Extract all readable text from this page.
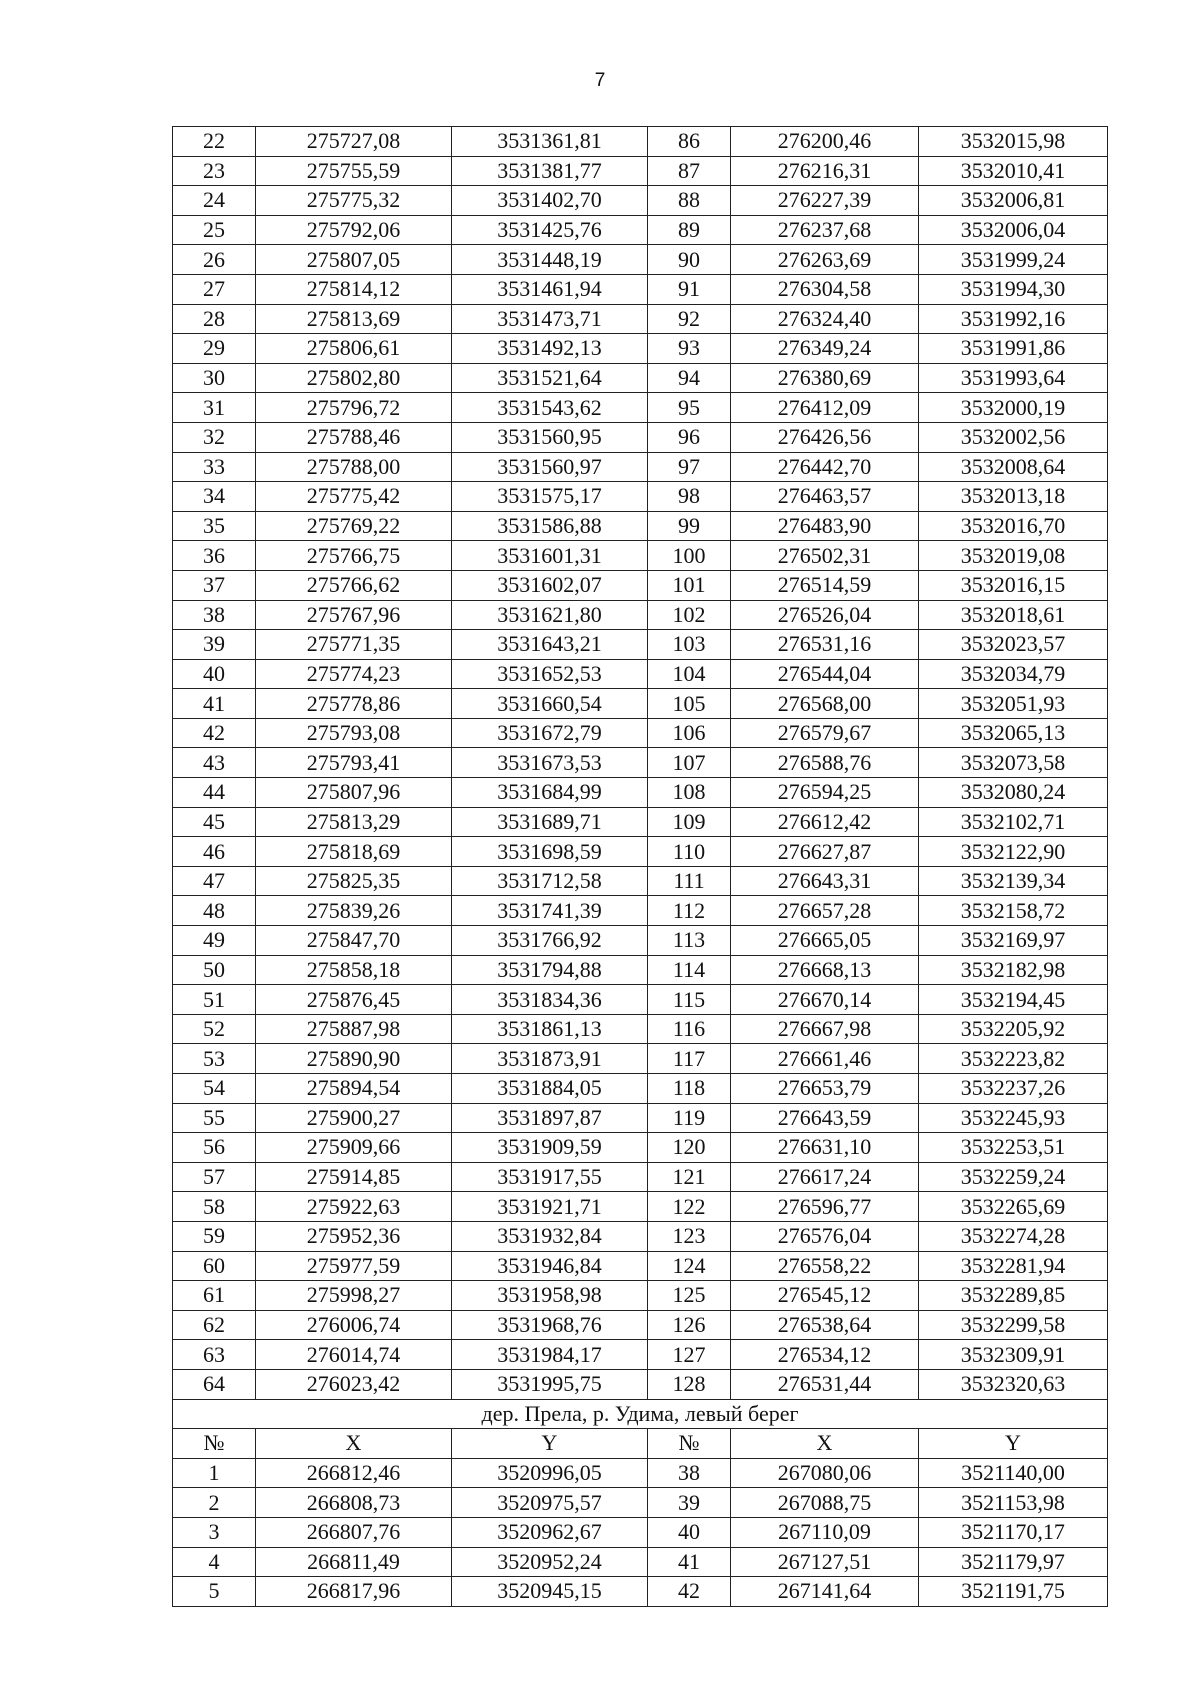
7
22	275727,08	3531361,81	86	276200,46	3532015,98
23	275755,59	3531381,77	87	276216,31	3532010,41
24	275775,32	3531402,70	88	276227,39	3532006,81
25	275792,06	3531425,76	89	276237,68	3532006,04
26	275807,05	3531448,19	90	276263,69	3531999,24
27	275814,12	3531461,94	91	276304,58	3531994,30
28	275813,69	3531473,71	92	276324,40	3531992,16
29	275806,61	3531492,13	93	276349,24	3531991,86
30	275802,80	3531521,64	94	276380,69	3531993,64
31	275796,72	3531543,62	95	276412,09	3532000,19
32	275788,46	3531560,95	96	276426,56	3532002,56
33	275788,00	3531560,97	97	276442,70	3532008,64
34	275775,42	3531575,17	98	276463,57	3532013,18
35	275769,22	3531586,88	99	276483,90	3532016,70
36	275766,75	3531601,31	100	276502,31	3532019,08
37	275766,62	3531602,07	101	276514,59	3532016,15
38	275767,96	3531621,80	102	276526,04	3532018,61
39	275771,35	3531643,21	103	276531,16	3532023,57
40	275774,23	3531652,53	104	276544,04	3532034,79
41	275778,86	3531660,54	105	276568,00	3532051,93
42	275793,08	3531672,79	106	276579,67	3532065,13
43	275793,41	3531673,53	107	276588,76	3532073,58
44	275807,96	3531684,99	108	276594,25	3532080,24
45	275813,29	3531689,71	109	276612,42	3532102,71
46	275818,69	3531698,59	110	276627,87	3532122,90
47	275825,35	3531712,58	111	276643,31	3532139,34
48	275839,26	3531741,39	112	276657,28	3532158,72
49	275847,70	3531766,92	113	276665,05	3532169,97
50	275858,18	3531794,88	114	276668,13	3532182,98
51	275876,45	3531834,36	115	276670,14	3532194,45
52	275887,98	3531861,13	116	276667,98	3532205,92
53	275890,90	3531873,91	117	276661,46	3532223,82
54	275894,54	3531884,05	118	276653,79	3532237,26
55	275900,27	3531897,87	119	276643,59	3532245,93
56	275909,66	3531909,59	120	276631,10	3532253,51
57	275914,85	3531917,55	121	276617,24	3532259,24
58	275922,63	3531921,71	122	276596,77	3532265,69
59	275952,36	3531932,84	123	276576,04	3532274,28
60	275977,59	3531946,84	124	276558,22	3532281,94
61	275998,27	3531958,98	125	276545,12	3532289,85
62	276006,74	3531968,76	126	276538,64	3532299,58
63	276014,74	3531984,17	127	276534,12	3532309,91
64	276023,42	3531995,75	128	276531,44	3532320,63
дер. Прела, р. Удима, левый берег					
№	X	Y	№	X	Y
1	266812,46	3520996,05	38	267080,06	3521140,00
2	266808,73	3520975,57	39	267088,75	3521153,98
3	266807,76	3520962,67	40	267110,09	3521170,17
4	266811,49	3520952,24	41	267127,51	3521179,97
5	266817,96	3520945,15	42	267141,64	3521191,75
